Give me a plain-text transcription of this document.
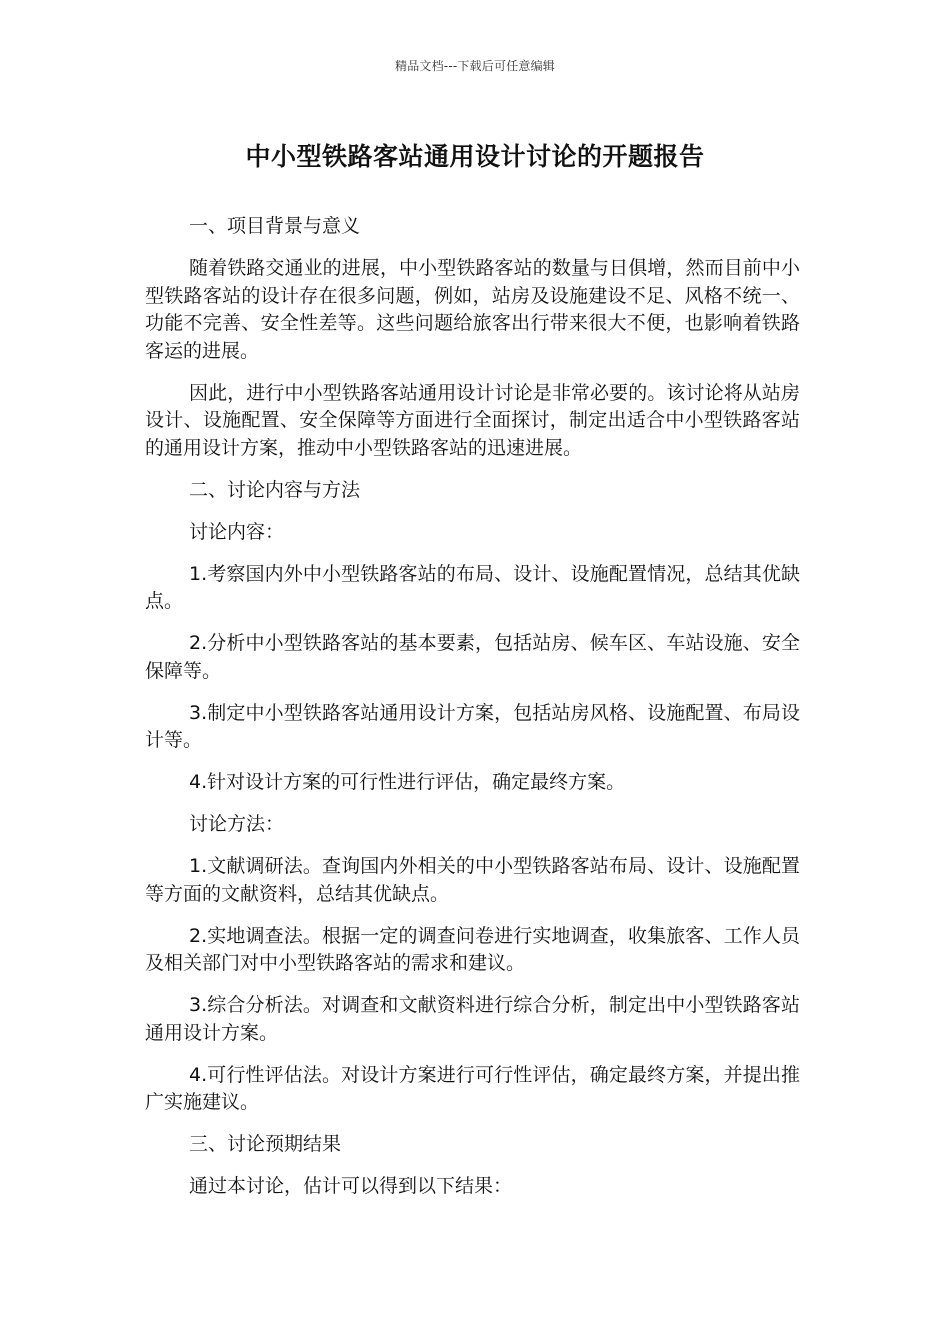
精品文档---下载后可任意编辑
中小型铁路客站通用设计讨论的开题报告

一、项目背景与意义

随着铁路交通业的进展，中小型铁路客站的数量与日俱增，然而目前中小型铁路客站的设计存在很多问题，例如，站房及设施建设不足、风格不统一、功能不完善、安全性差等。这些问题给旅客出行带来很大不便，也影响着铁路客运的进展。

因此，进行中小型铁路客站通用设计讨论是非常必要的。该讨论将从站房设计、设施配置、安全保障等方面进行全面探讨，制定出适合中小型铁路客站的通用设计方案，推动中小型铁路客站的迅速进展。

二、讨论内容与方法

讨论内容：

1.考察国内外中小型铁路客站的布局、设计、设施配置情况，总结其优缺点。

2.分析中小型铁路客站的基本要素，包括站房、候车区、车站设施、安全保障等。

3.制定中小型铁路客站通用设计方案，包括站房风格、设施配置、布局设计等。

4.针对设计方案的可行性进行评估，确定最终方案。

讨论方法：

1.文献调研法。查询国内外相关的中小型铁路客站布局、设计、设施配置等方面的文献资料，总结其优缺点。

2.实地调查法。根据一定的调查问卷进行实地调查，收集旅客、工作人员及相关部门对中小型铁路客站的需求和建议。

3.综合分析法。对调查和文献资料进行综合分析，制定出中小型铁路客站通用设计方案。

4.可行性评估法。对设计方案进行可行性评估，确定最终方案，并提出推广实施建议。

三、讨论预期结果

通过本讨论，估计可以得到以下结果：
